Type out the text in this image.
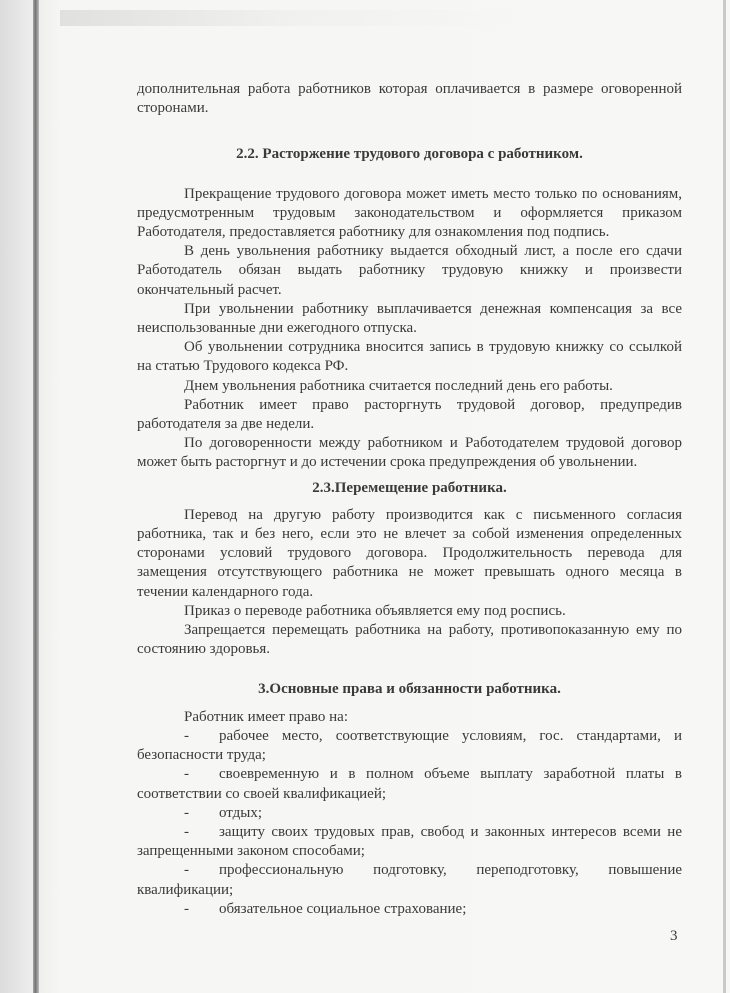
дополнительная работа работников которая оплачивается в размере оговоренной сторонами.

2.2. Расторжение трудового договора с работником.

Прекращение трудового договора может иметь место только по основаниям, предусмотренным трудовым законодательством и оформляется приказом Работодателя, предоставляется работнику для ознакомления под подпись.

В день увольнения работнику выдается обходный лист, а после его сдачи Работодатель обязан выдать работнику трудовую книжку и произвести окончательный расчет.

При увольнении работнику выплачивается денежная компенсация за все неиспользованные дни ежегодного отпуска.

Об увольнении сотрудника вносится запись в трудовую книжку со ссылкой на статью Трудового кодекса РФ.

Днем увольнения работника считается последний день его работы.

Работник имеет право расторгнуть трудовой договор, предупредив работодателя за две недели.

По договоренности между работником и Работодателем трудовой договор может быть расторгнут и до истечении срока предупреждения об увольнении.

2.3.Перемещение работника.

Перевод на другую работу производится как с письменного согласия работника, так и без него, если это не влечет за собой изменения определенных сторонами условий трудового договора. Продолжительность перевода для замещения отсутствующего работника не может превышать одного месяца в течении календарного года.

Приказ о переводе работника объявляется ему под роспись.

Запрещается перемещать работника на работу, противопоказанную ему по состоянию здоровья.

3.Основные права и обязанности работника.

Работник имеет право на:

- рабочее место, соответствующие условиям, гос. стандартами, и безопасности труда;

- своевременную и в полном объеме выплату заработной платы в соответствии со своей квалификацией;

- отдых;

- защиту своих трудовых прав, свобод и законных интересов всеми не запрещенными законом способами;

- профессиональную подготовку, переподготовку, повышение квалификации;

- обязательное социальное страхование;

3
